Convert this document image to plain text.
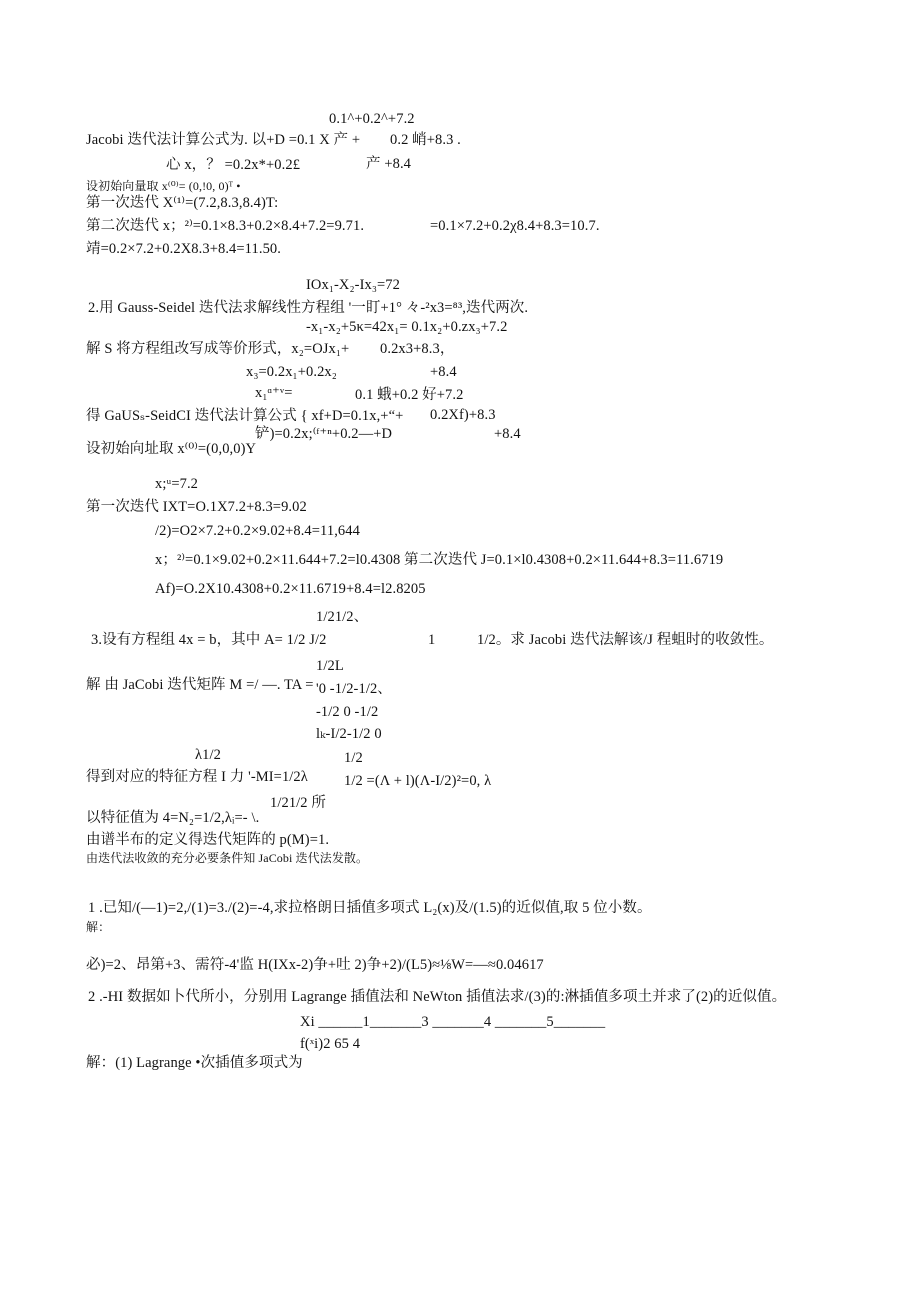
0.1^+0.2^+7.2
Jacobi 迭代法计算公式为. 以+D =0.1 X 产 + 0.2 峭+8.3 .
心 x，？ =0.2x*+0.2£	产 +8.4
设初始向量取 x⁽⁰⁾= (0,!0, 0)ᵀ •
第一次迭代 X⁽¹⁾=(7.2,8.3,8.4)T:
第二次迭代 x；²⁾=0.1×8.3+0.2×8.4+7.2=9.71.	=0.1×7.2+0.2χ8.4+8.3=10.7.
靖=0.2×7.2+0.2X8.3+8.4=11.50.
IOx₁-X₂-Ix₃=72
2.用 Gauss-Seidel 迭代法求解线性方程组 '一盯+1° 々-²x3=⁸³,迭代两次.
-x₁-x₂+5κ=42x₁= 0.1x₂+0.zx₃+7.2
解 S 将方程组改写成等价形式，x₂=OJx₁+ 0.2x3+8.3，
x₃=0.2x₁+0.2x₂	+8.4
x₁ᵅ⁺ᵛ=	0.1 蛾+0.2 好+7.2
得 GaUSₛ-SeidCI 迭代法计算公式 { xf+D=0.1x,+“+ 0.2Xf)+8.3
铲)=0.2x;⁽ᶠ⁺ⁿ+0.2—+D	+8.4
设初始向址取 x⁽⁰⁾=(0,0,0)Y
x;ᵘ=7.2
第一次迭代 IXT=O.1X7.2+8.3=9.02
/2)=O2×7.2+0.2×9.02+8.4=11,644
x；²⁾=0.1×9.02+0.2×11.644+7.2=l0.4308 第二次迭代 J=0.1×l0.4308+0.2×11.644+8.3=11.6719
Af)=O.2X10.4308+0.2×11.6719+8.4=l2.8205
1/21/2、
3.设有方程组 4x = b，其中 A= 1/2 J/2	1	1/2。求 Jacobi 迭代法解该/J 程蛆时的收敛性。
1/2L
解 由 JaCobi 迭代矩阵 M =/ —. TA = '0 -1/2-1/2、
-1/2 0 -1/2
lₖ-I/2-1/2 0
λ1/2	1/2
得到对应的特征方程 I 力 '-MI=1/2λ 1/2 =(Λ + l)(Λ-I/2)²=0, λ
1/21/2 所
以特征值为 4=N₂=1/2,λᵢ=- \.
由谱半布的定义得迭代矩阵的 p(M)=1.
由迭代法收敛的充分必要条件知 JaCobi 迭代法发散。
1 .已知/(—1)=2,/(1)=3./(2)=-4,求拉格朗日插值多项式 L₂(x)及/(1.5)的近似值,取 5 位小数。
解：
必)=2、昂第+3、需符-4'监 H(IXx-2)争+吐 2)争+2)/(L5)≈⅛W=—≈0.04617
2 .-HI 数据如卜代所小，分别用 Lagrange 插值法和 NeWton 插值法求/(3)的:淋插值多项土并求了(2)的近似值。
Xi ______1_______3 _______4 _______5_______
f(ˣi)2 65 4
解：(1) Lagrange •次插值多项式为
